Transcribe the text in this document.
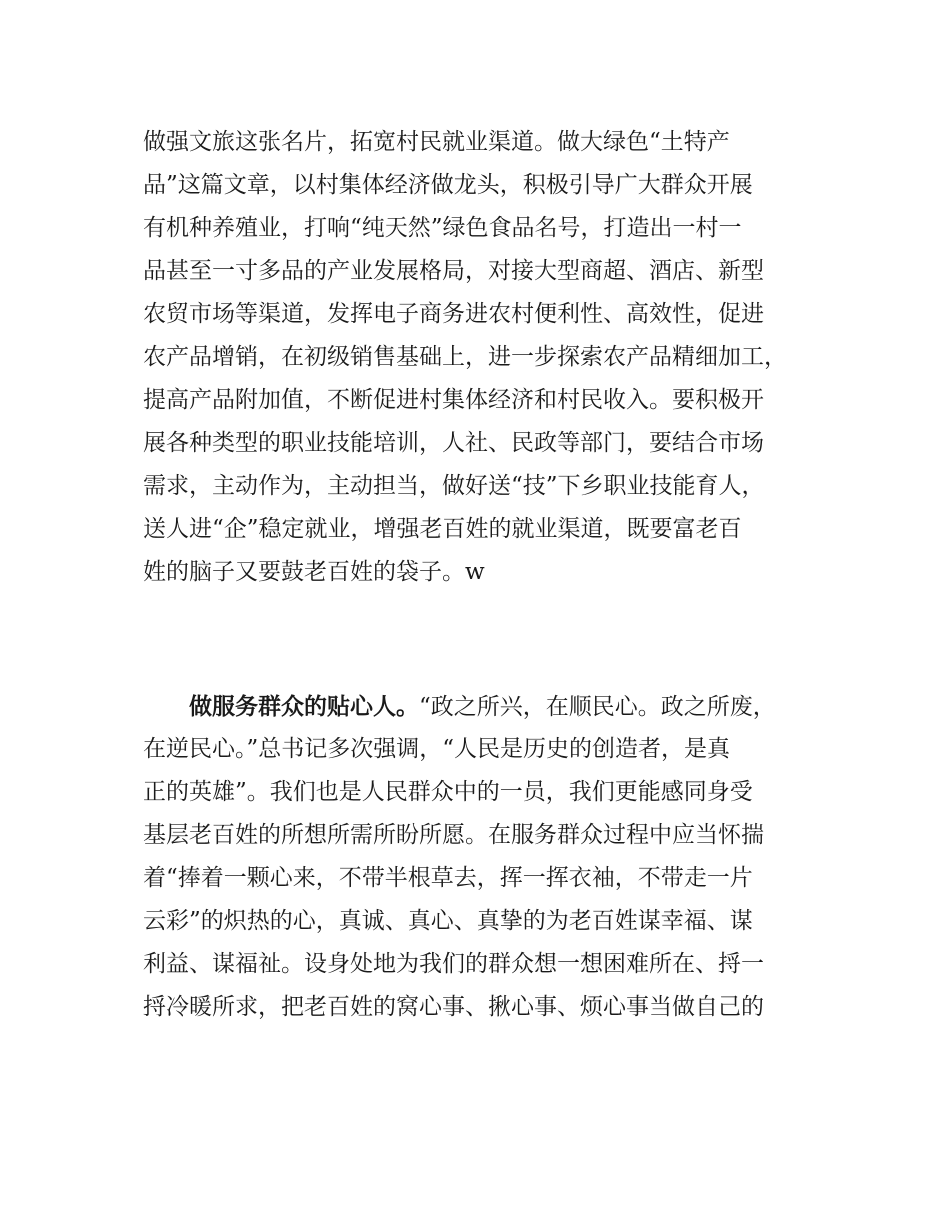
做强文旅这张名片，拓宽村民就业渠道。做大绿色“土特产
品”这篇文章，以村集体经济做龙头，积极引导广大群众开展
有机种养殖业，打响“纯天然”绿色食品名号，打造出一村一
品甚至一寸多品的产业发展格局，对接大型商超、酒店、新型
农贸市场等渠道，发挥电子商务进农村便利性、高效性，促进
农产品增销，在初级销售基础上，进一步探索农产品精细加工，
提高产品附加值，不断促进村集体经济和村民收入。要积极开
展各种类型的职业技能培训，人社、民政等部门，要结合市场
需求，主动作为，主动担当，做好送“技”下乡职业技能育人，
送人进“企”稳定就业，增强老百姓的就业渠道，既要富老百
姓的脑子又要鼓老百姓的袋子。w
做服务群众的贴心人。“政之所兴，在顺民心。政之所废，
在逆民心。”总书记多次强调，“人民是历史的创造者，是真
正的英雄”。我们也是人民群众中的一员，我们更能感同身受
基层老百姓的所想所需所盼所愿。在服务群众过程中应当怀揣
着“捧着一颗心来，不带半根草去，挥一挥衣袖，不带走一片
云彩”的炽热的心，真诚、真心、真挚的为老百姓谋幸福、谋
利益、谋福祉。设身处地为我们的群众想一想困难所在、捋一
捋冷暖所求，把老百姓的窝心事、揪心事、烦心事当做自己的
